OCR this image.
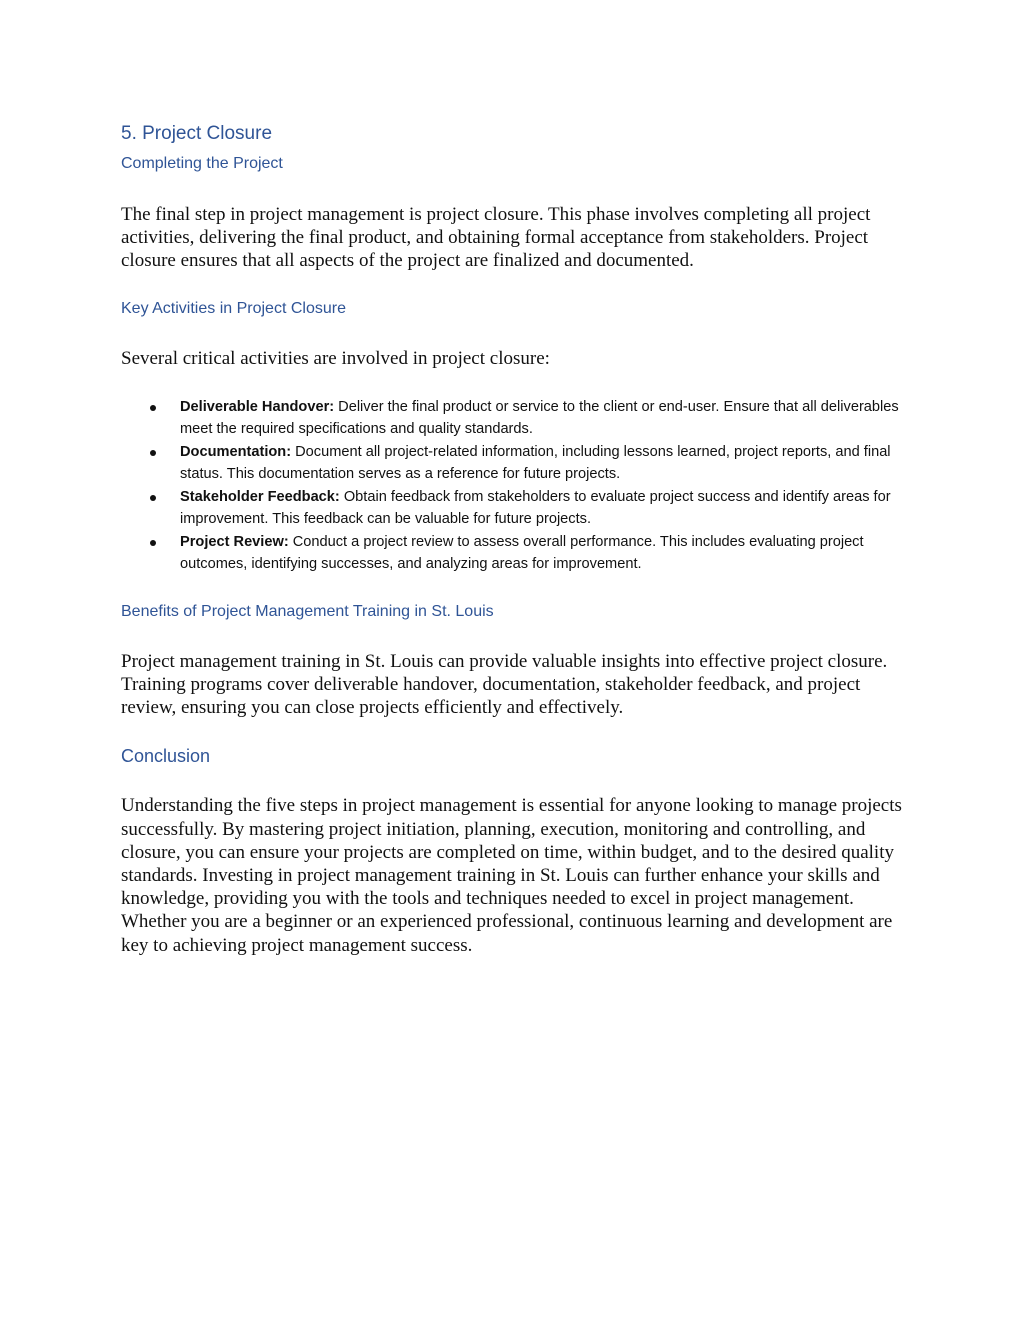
5. Project Closure
Completing the Project

The final step in project management is project closure. This phase involves completing all project activities, delivering the final product, and obtaining formal acceptance from stakeholders. Project closure ensures that all aspects of the project are finalized and documented.

Key Activities in Project Closure

Several critical activities are involved in project closure:

Deliverable Handover: Deliver the final product or service to the client or end-user. Ensure that all deliverables meet the required specifications and quality standards.
Documentation: Document all project-related information, including lessons learned, project reports, and final status. This documentation serves as a reference for future projects.
Stakeholder Feedback: Obtain feedback from stakeholders to evaluate project success and identify areas for improvement. This feedback can be valuable for future projects.
Project Review: Conduct a project review to assess overall performance. This includes evaluating project outcomes, identifying successes, and analyzing areas for improvement.
Benefits of Project Management Training in St. Louis

Project management training in St. Louis can provide valuable insights into effective project closure. Training programs cover deliverable handover, documentation, stakeholder feedback, and project review, ensuring you can close projects efficiently and effectively.

Conclusion

Understanding the five steps in project management is essential for anyone looking to manage projects successfully. By mastering project initiation, planning, execution, monitoring and controlling, and closure, you can ensure your projects are completed on time, within budget, and to the desired quality standards. Investing in project management training in St. Louis can further enhance your skills and knowledge, providing you with the tools and techniques needed to excel in project management. Whether you are a beginner or an experienced professional, continuous learning and development are key to achieving project management success.
